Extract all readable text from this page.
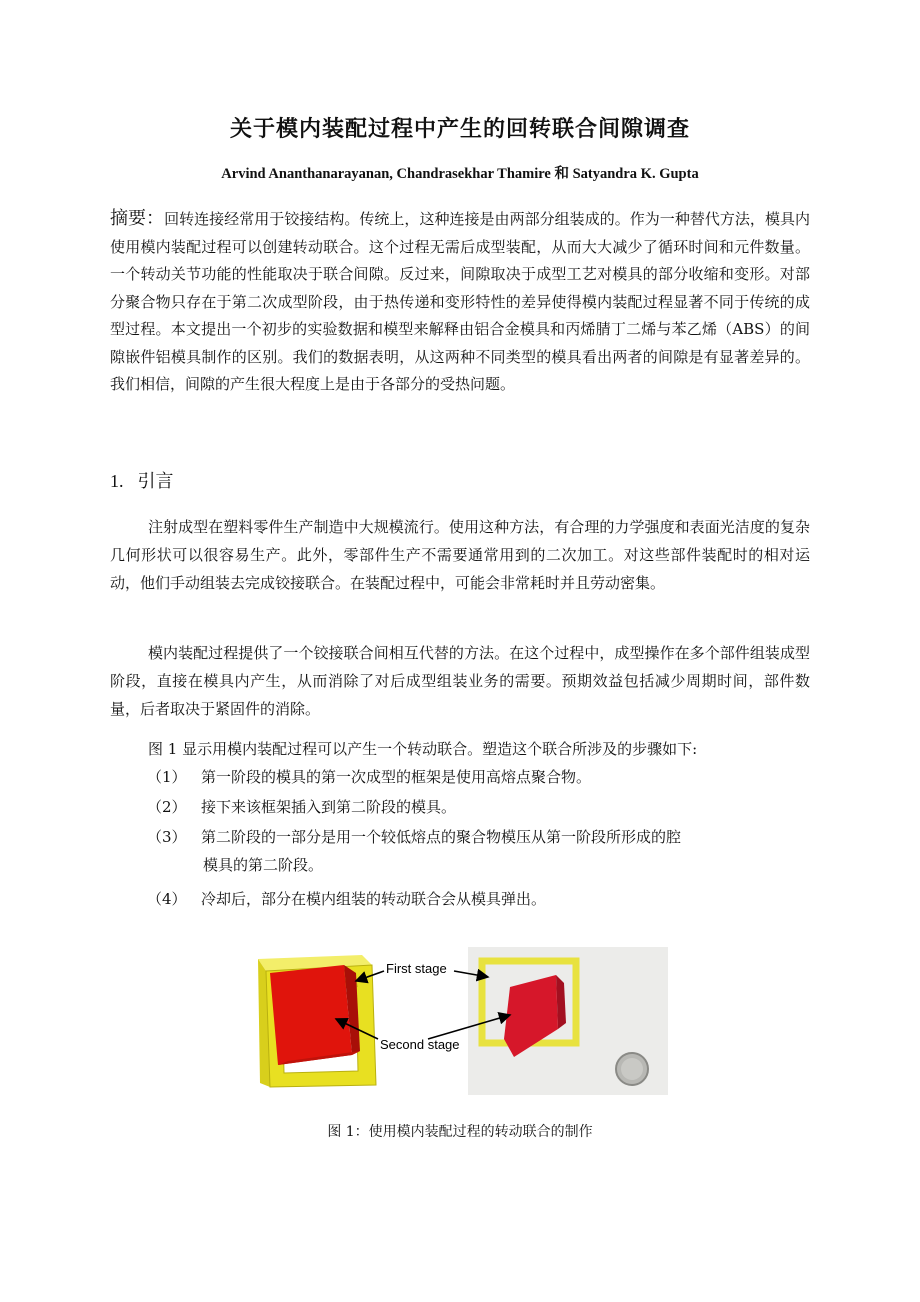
关于模内装配过程中产生的回转联合间隙调查
Arvind Ananthanarayanan, Chandrasekhar Thamire 和 Satyandra K. Gupta
摘要：回转连接经常用于铰接结构。传统上，这种连接是由两部分组装成的。作为一种替代方法，模具内使用模内装配过程可以创建转动联合。这个过程无需后成型装配，从而大大减少了循环时间和元件数量。一个转动关节功能的性能取决于联合间隙。反过来，间隙取决于成型工艺对模具的部分收缩和变形。对部分聚合物只存在于第二次成型阶段，由于热传递和变形特性的差异使得模内装配过程显著不同于传统的成型过程。本文提出一个初步的实验数据和模型来解释由铝合金模具和丙烯腈丁二烯与苯乙烯（ABS）的间隙嵌件铝模具制作的区别。我们的数据表明，从这两种不同类型的模具看出两者的间隙是有显著差异的。我们相信，间隙的产生很大程度上是由于各部分的受热问题。
1. 引言

注射成型在塑料零件生产制造中大规模流行。使用这种方法，有合理的力学强度和表面光洁度的复杂几何形状可以很容易生产。此外，零部件生产不需要通常用到的二次加工。对这些部件装配时的相对运动，他们手动组装去完成铰接联合。在装配过程中，可能会非常耗时并且劳动密集。

模内装配过程提供了一个铰接联合间相互代替的方法。在这个过程中，成型操作在多个部件组装成型阶段，直接在模具内产生，从而消除了对后成型组装业务的需要。预期效益包括减少周期时间，部件数量，后者取决于紧固件的消除。

图 1 显示用模内装配过程可以产生一个转动联合。塑造这个联合所涉及的步骤如下:

（1） 第一阶段的模具的第一次成型的框架是使用高熔点聚合物。
（2） 接下来该框架插入到第二阶段的模具。
（3） 第二阶段的一部分是用一个较低熔点的聚合物模压从第一阶段所形成的腔
模具的第二阶段。
（4） 冷却后，部分在模内组装的转动联合会从模具弹出。
First stage
Second stage
图 1：使用模内装配过程的转动联合的制作
